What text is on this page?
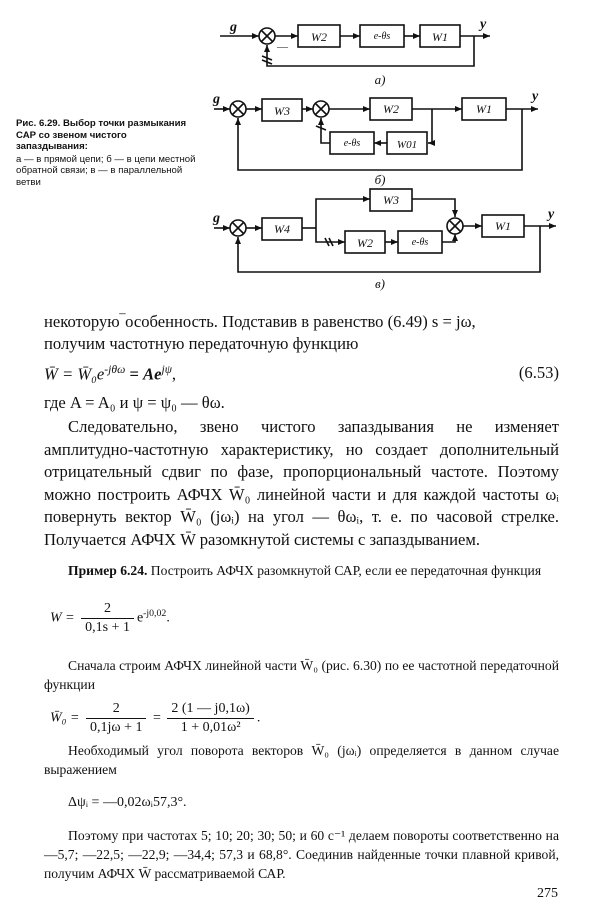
g	y
W2	e-θs	W1
а)
—
g	y
W3	W2	W1
e-θs	W01
б)
g	y
W4
W3
W2	e-θs
W1
в)
Рис. 6.29. Выбор точки размыкания САР со звеном чистого запаздывания:
а — в прямой цепи; б — в цепи местной обратной связи; в — в параллельной ветви
некоторую‾особенность. Подставив в равенство (6.49) s = jω,
получим частотную передаточную функцию
W̄ = $W̄_0e^{-j\theta\omega} = Ae^{j\psi}$,	(6.53)
где A = A₀ и ψ = ψ₀ — θω.

Следовательно, звено чистого запаздывания не изменяет амплитудно-частотную характеристику, но создает дополнительный отрицательный сдвиг по фазе, пропорциональный частоте. Поэтому можно построить АФЧХ W̄₀ линейной части и для каждой частоты ωᵢ повернуть вектор W̄₀ (jωᵢ) на угол — θωᵢ, т. е. по часовой стрелке. Получается АФЧХ W̄ разомкнутой системы с запаздыванием.

Пример 6.24. Построить АФЧХ разомкнутой САР, если ее передаточная функция

$W = \frac{2}{0,1s + 1} e^{-j0,02}$.

Сначала строим АФЧХ линейной части W̄₀ (рис. 6.30) по ее частотной передаточной функции

W̄₀ = $\frac{2}{0,1j\omega + 1} = \frac{2 (1 — j0,1\omega)}{\text{1 + 0,01ω²}}$ .

Необходимый угол поворота векторов W̄₀ (jωᵢ) определяется в данном случае выражением

Δψᵢ = —0,02ωᵢ57,3°.

Поэтому при частотах 5; 10; 20; 30; 50; и 60 с⁻¹ делаем повороты соответственно на —5,7; —22,5; —22,9; —34,4; 57,3 и 68,8°. Соединив найденные точки плавной кривой, получим АФЧХ W̄ рассматриваемой САР.

275
